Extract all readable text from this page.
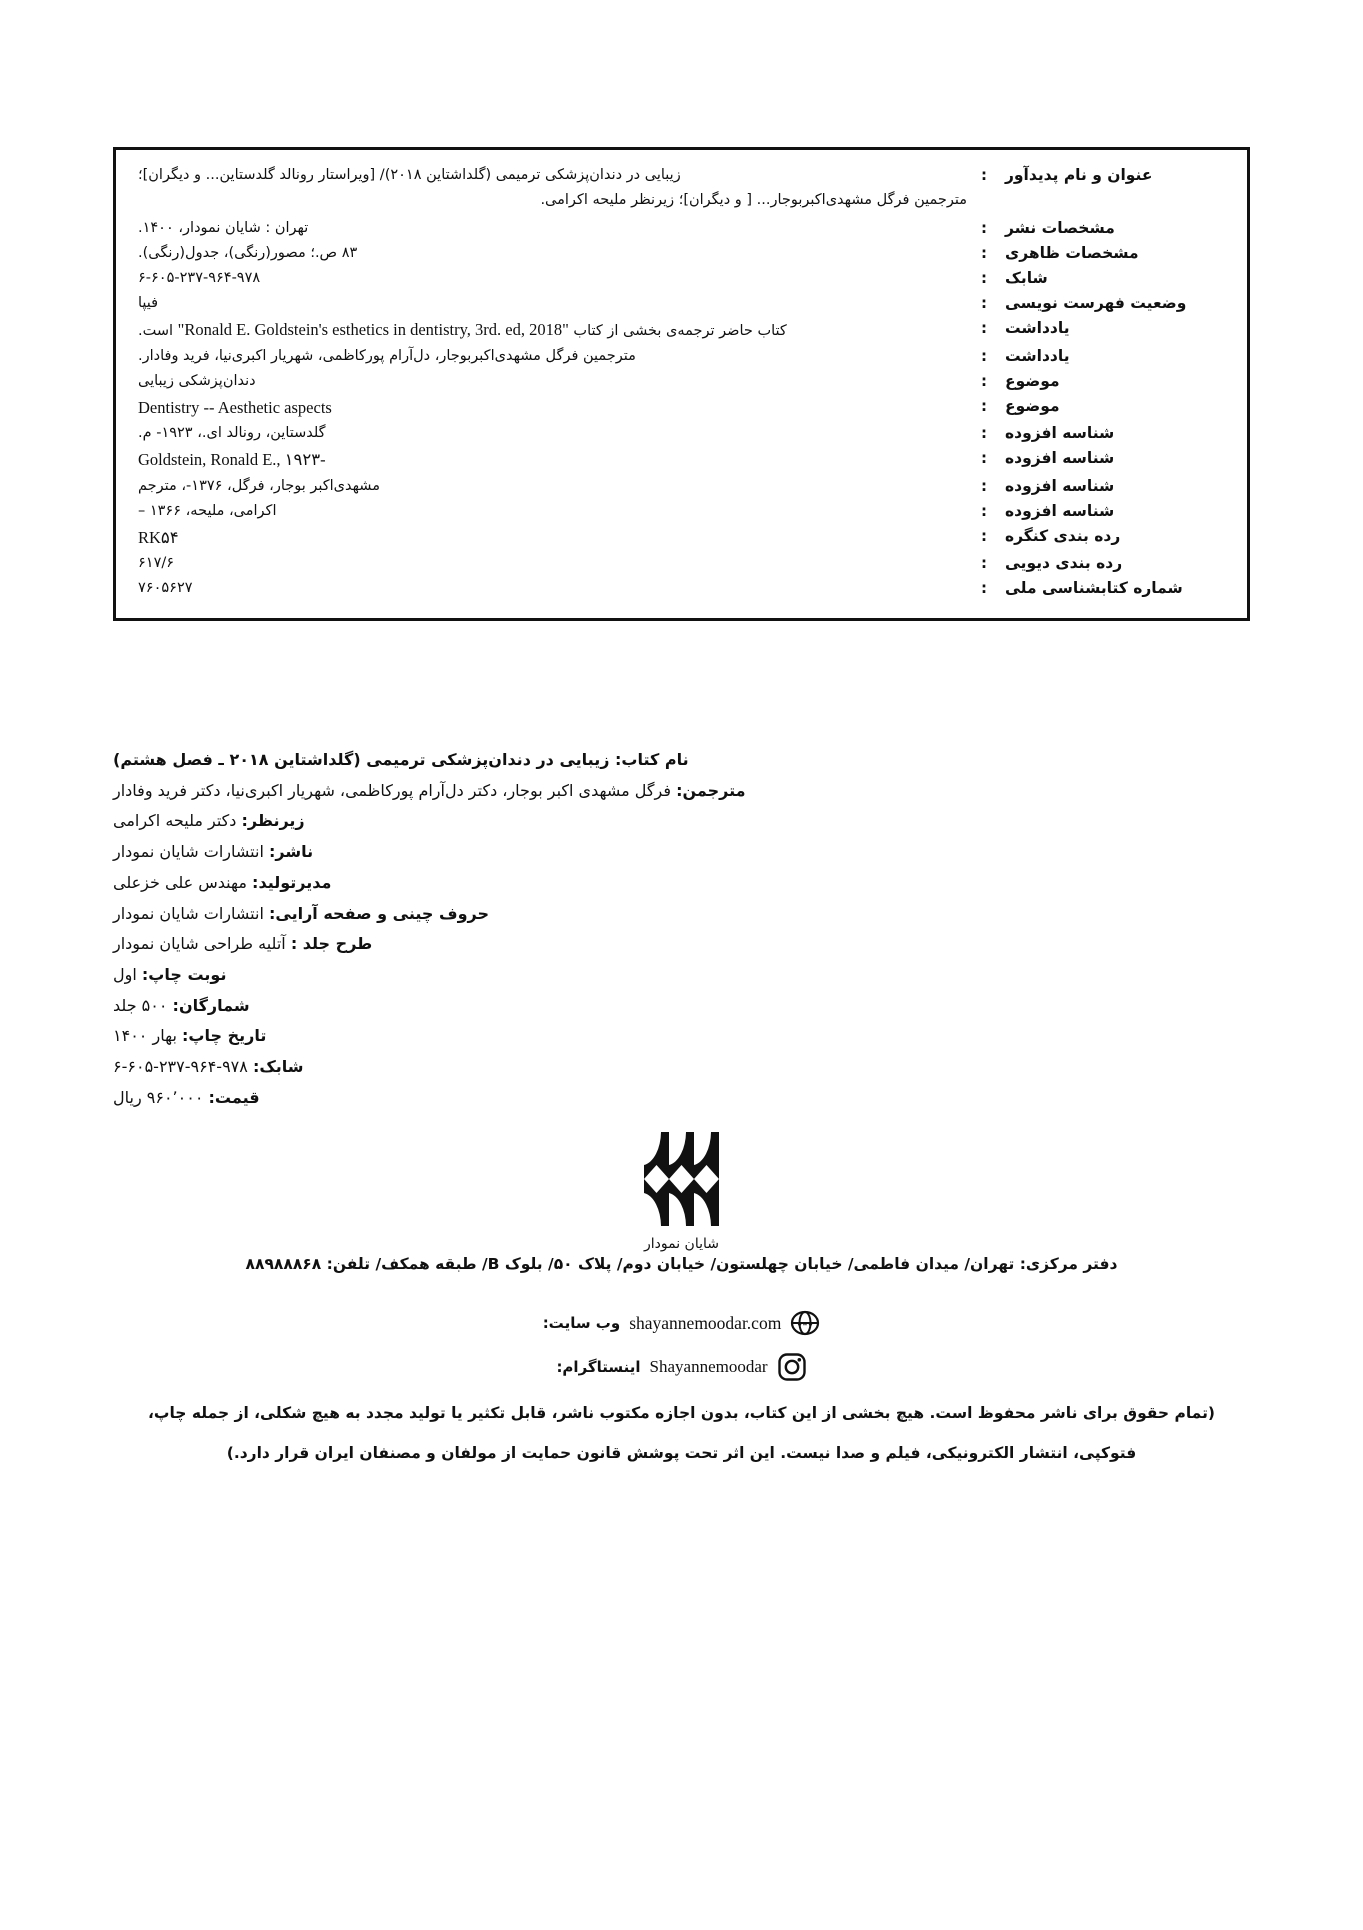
عنوان و نام پدیدآور
:
زیبایی در دندان‌پزشکی ترمیمی (گلداشتاین ۲۰۱۸)/ [ویراستار رونالد گلدستاین... و دیگران]؛
مترجمین فرگل مشهدی‌اکبربوجار... [ و دیگران]؛ زیرنظر ملیحه اکرامی.
مشخصات نشر
:
تهران : شایان نمودار، ۱۴۰۰.
مشخصات ظاهری
:
۸۳ ص.؛ مصور(رنگی)، جدول(رنگی).
شابک
:
۶-۶۰۵-۲۳۷-۹۶۴-۹۷۸
وضعیت فهرست نویسی
:
فیپا
یادداشت
:
کتاب حاضر ترجمه‌ی بخشی از کتاب "Ronald E. Goldstein's esthetics in dentistry, 3rd. ed, 2018" است.
یادداشت
:
مترجمین فرگل مشهدی‌اکبربوجار، دل‌آرام پورکاظمی، شهریار اکبری‌نیا، فرید وفادار.
موضوع
:
دندان‌پزشکی زیبایی
موضوع
:
Dentistry -- Aesthetic aspects
شناسه افزوده
:
گلدستاین، رونالد ای.، ۱۹۲۳- م.
شناسه افزوده
:
Goldstein, Ronald E., ۱۹۲۳-
شناسه افزوده
:
مشهدی‌اکبر بوجار، فرگل، ۱۳۷۶-، مترجم
شناسه افزوده
:
اکرامی، ملیحه، ۱۳۶۶ –
رده بندی کنگره
:
RK۵۴
رده بندی دیویی
:
۶۱۷/۶
شماره کتابشناسی ملی
:
۷۶۰۵۶۲۷
نام کتاب: زیبایی در دندان‌پزشکی ترمیمی (گلداشتاین ۲۰۱۸ ـ فصل هشتم)
مترجمن: فرگل مشهدی اکبر بوجار، دکتر دل‌آرام پورکاظمی، شهریار اکبری‌نیا، دکتر فرید وفادار
زیرنظر: دکتر ملیحه اکرامی
ناشر: انتشارات شایان نمودار
مدیرتولید: مهندس علی خزعلی
حروف چینی و صفحه آرایی: انتشارات شایان نمودار
طرح جلد : آتلیه طراحی شایان نمودار
نوبت چاپ: اول
شمارگان: ۵۰۰ جلد
تاریخ چاپ: بهار ۱۴۰۰
شابک: ۹۷۸-۹۶۴-۲۳۷-۶۰۵-۶
قیمت: ۹۶۰٬۰۰۰ ریال
شایان نمودار
دفتر مرکزی: تهران/ میدان فاطمی/ خیابان چهلستون/ خیابان دوم/ پلاک ۵۰/ بلوک B/ طبقه همکف/ تلفن: ۸۸۹۸۸۸۶۸
www
shayannemoodar.com
وب سایت:
Shayannemoodar
اینستاگرام:

(تمام حقوق برای ناشر محفوظ است. هیچ بخشی از این کتاب، بدون اجازه مکتوب ناشر، قابل تکثیر یا تولید مجدد به هیچ شکلی، از جمله چاپ،

فتوکپی، انتشار الکترونیکی، فیلم و صدا نیست. این اثر تحت پوشش قانون حمایت از مولفان و مصنفان ایران قرار دارد.)
